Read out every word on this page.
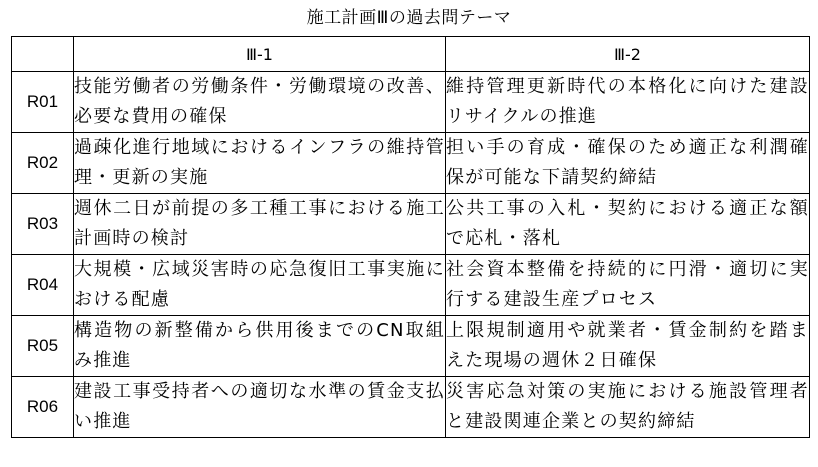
施工計画Ⅲの過去問テーマ
	Ⅲ-1	Ⅲ-2
R01	技能労働者の労働条件・労働環境の改善、必要な費用の確保	維持管理更新時代の本格化に向けた建設リサイクルの推進
R02	過疎化進行地域におけるインフラの維持管理・更新の実施	担い手の育成・確保のため適正な利潤確保が可能な下請契約締結
R03	週休二日が前提の多工種工事における施工計画時の検討	公共工事の入札・契約における適正な額で応札・落札
R04	大規模・広域災害時の応急復旧工事実施における配慮	社会資本整備を持続的に円滑・適切に実行する建設生産プロセス
R05	構造物の新整備から供用後までのCN取組み推進	上限規制適用や就業者・賃金制約を踏まえた現場の週休２日確保
R06	建設工事受持者への適切な水準の賃金支払い推進	災害応急対策の実施における施設管理者と建設関連企業との契約締結
